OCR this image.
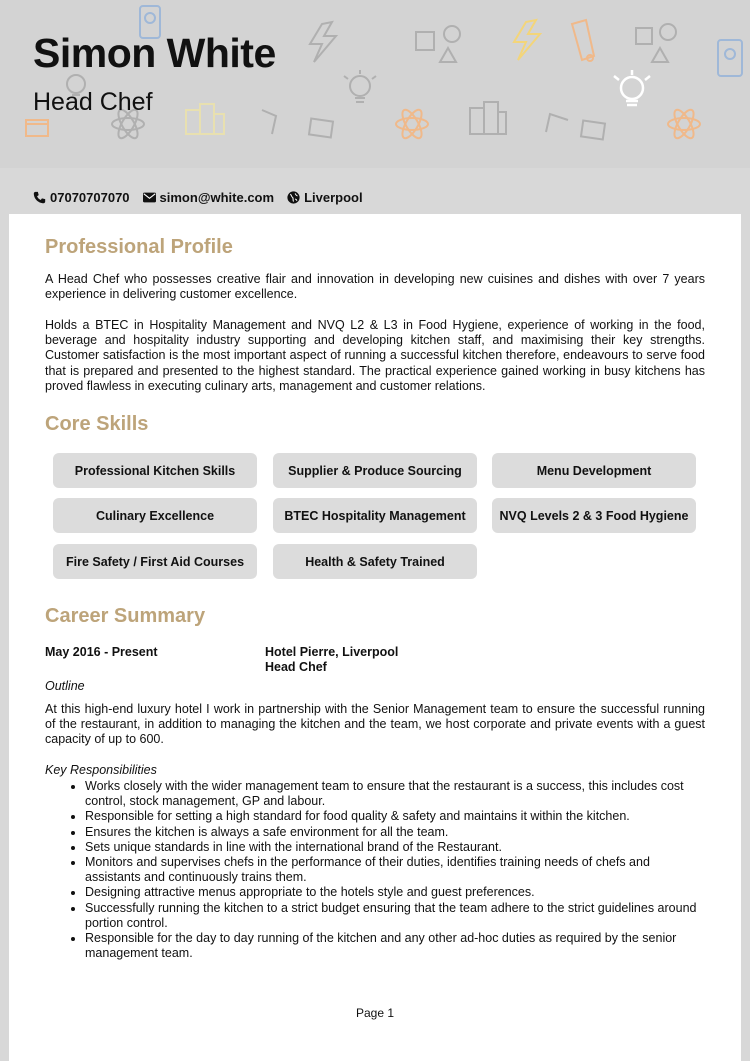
Simon White
Head Chef
07070707070 simon@white.com Liverpool
Professional Profile

A Head Chef who possesses creative flair and innovation in developing new cuisines and dishes with over 7 years experience in delivering customer excellence.

Holds a BTEC in Hospitality Management and NVQ L2 & L3 in Food Hygiene, experience of working in the food, beverage and hospitality industry supporting and developing kitchen staff, and maximising their key strengths. Customer satisfaction is the most important aspect of running a successful kitchen therefore, endeavours to serve food that is prepared and presented to the highest standard. The practical experience gained working in busy kitchens has proved flawless in executing culinary arts, management and customer relations.

Core Skills
Professional Kitchen Skills	Supplier & Produce Sourcing	Menu Development
Culinary Excellence	BTEC Hospitality Management	NVQ Levels 2 & 3 Food Hygiene
Fire Safety / First Aid Courses	Health & Safety Trained
Career Summary

May 2016 - Present	Hotel Pierre, Liverpool

Head Chef

Outline

At this high-end luxury hotel I work in partnership with the Senior Management team to ensure the successful running of the restaurant, in addition to managing the kitchen and the team, we host corporate and private events with a guest capacity of up to 600.

Key Responsibilities

• Works closely with the wider management team to ensure that the restaurant is a success, this includes cost control, stock management, GP and labour.
• Responsible for setting a high standard for food quality & safety and maintains it within the kitchen.
• Ensures the kitchen is always a safe environment for all the team.
• Sets unique standards in line with the international brand of the Restaurant.
• Monitors and supervises chefs in the performance of their duties, identifies training needs of chefs and assistants and continuously trains them.
• Designing attractive menus appropriate to the hotels style and guest preferences.
• Successfully running the kitchen to a strict budget ensuring that the team adhere to the strict guidelines around portion control.
• Responsible for the day to day running of the kitchen and any other ad-hoc duties as required by the senior management team.

Page 1
